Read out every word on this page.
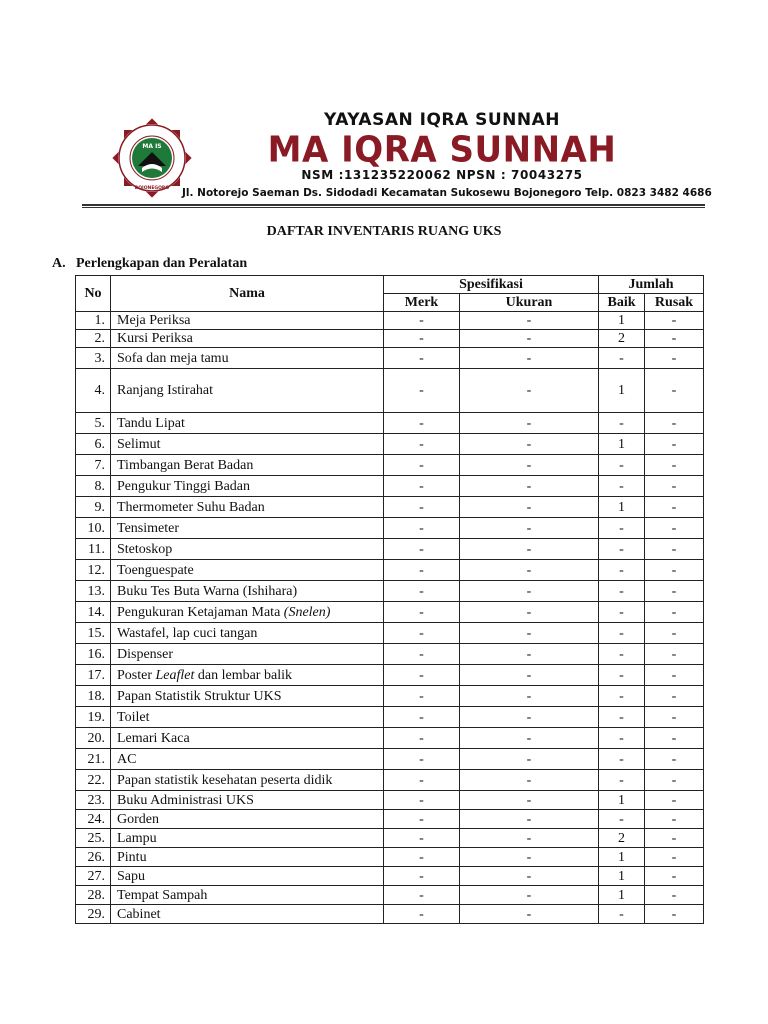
MA IS
BOJONEGORO
YAYASAN IQRA SUNNAH
MA IQRA SUNNAH
NSM :131235220062 NPSN : 70043275
Jl. Notorejo Saeman Ds. Sidodadi Kecamatan Sukosewu Bojonegoro Telp. 0823 3482 4686
DAFTAR INVENTARIS RUANG UKS
A. Perlengkapan dan Peralatan
No	Nama	Spesifikasi		Jumlah	
		Merk	Ukuran	Baik	Rusak
1.	Meja Periksa	-	-	1	-
2.	Kursi Periksa	-	-	2	-
3.	Sofa dan meja tamu	-	-	-	-
4.	Ranjang Istirahat	-	-	1	-
5.	Tandu Lipat	-	-	-	-
6.	Selimut	-	-	1	-
7.	Timbangan Berat Badan	-	-	-	-
8.	Pengukur Tinggi Badan	-	-	-	-
9.	Thermometer Suhu Badan	-	-	1	-
10.	Tensimeter	-	-	-	-
11.	Stetoskop	-	-	-	-
12.	Toenguespate	-	-	-	-
13.	Buku Tes Buta Warna (Ishihara)	-	-	-	-
14.	Pengukuran Ketajaman Mata (Snelen)	-	-	-	-
15.	Wastafel, lap cuci tangan	-	-	-	-
16.	Dispenser	-	-	-	-
17.	Poster Leaflet dan lembar balik	-	-	-	-
18.	Papan Statistik Struktur UKS	-	-	-	-
19.	Toilet	-	-	-	-
20.	Lemari Kaca	-	-	-	-
21.	AC	-	-	-	-
22.	Papan statistik kesehatan peserta didik	-	-	-	-
23.	Buku Administrasi UKS	-	-	1	-
24.	Gorden	-	-	-	-
25.	Lampu	-	-	2	-
26.	Pintu	-	-	1	-
27.	Sapu	-	-	1	-
28.	Tempat Sampah	-	-	1	-
29.	Cabinet	-	-	-	-
